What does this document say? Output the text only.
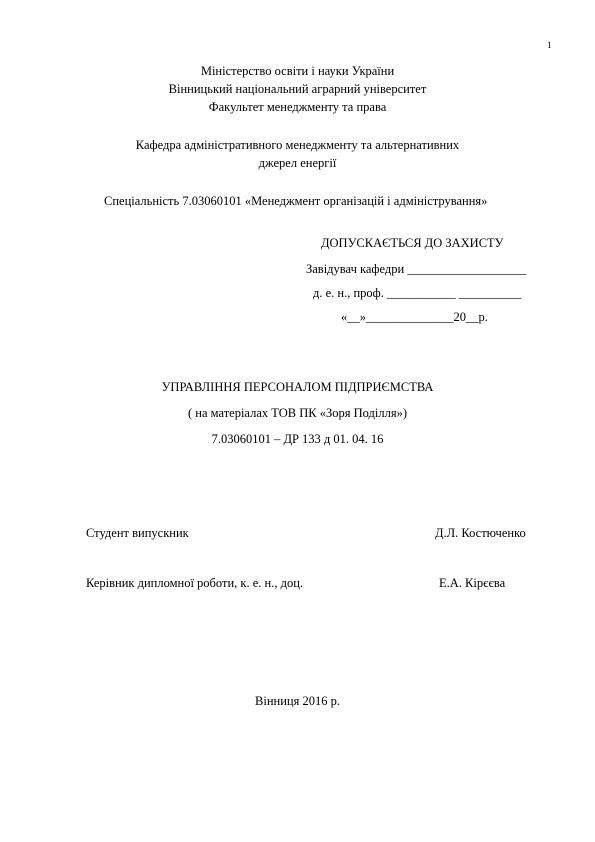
1
Міністерство освіти і науки України
Вінницький національний аграрний університет
Факультет менеджменту та права
Кафедра адміністративного менеджменту та альтернативних
джерел енергії
Спеціальність 7.03060101 «Менеджмент організацій і адміністрування»
ДОПУСКАЄТЬСЯ ДО ЗАХИСТУ
Завідувач кафедри ___________________
д. е. н., проф. ___________ __________
«__»______________20__р.
УПРАВЛІННЯ ПЕРСОНАЛОМ ПІДПРИЄМСТВА
( на матеріалах ТОВ ПК «Зоря Поділля»)
7.03060101 – ДР 133 д 01. 04. 16
Студент випускник	Д.Л. Костюченко
Керівник дипломної роботи, к. е. н., доц.	Е.А. Кірєєва
Вінниця 2016 р.
